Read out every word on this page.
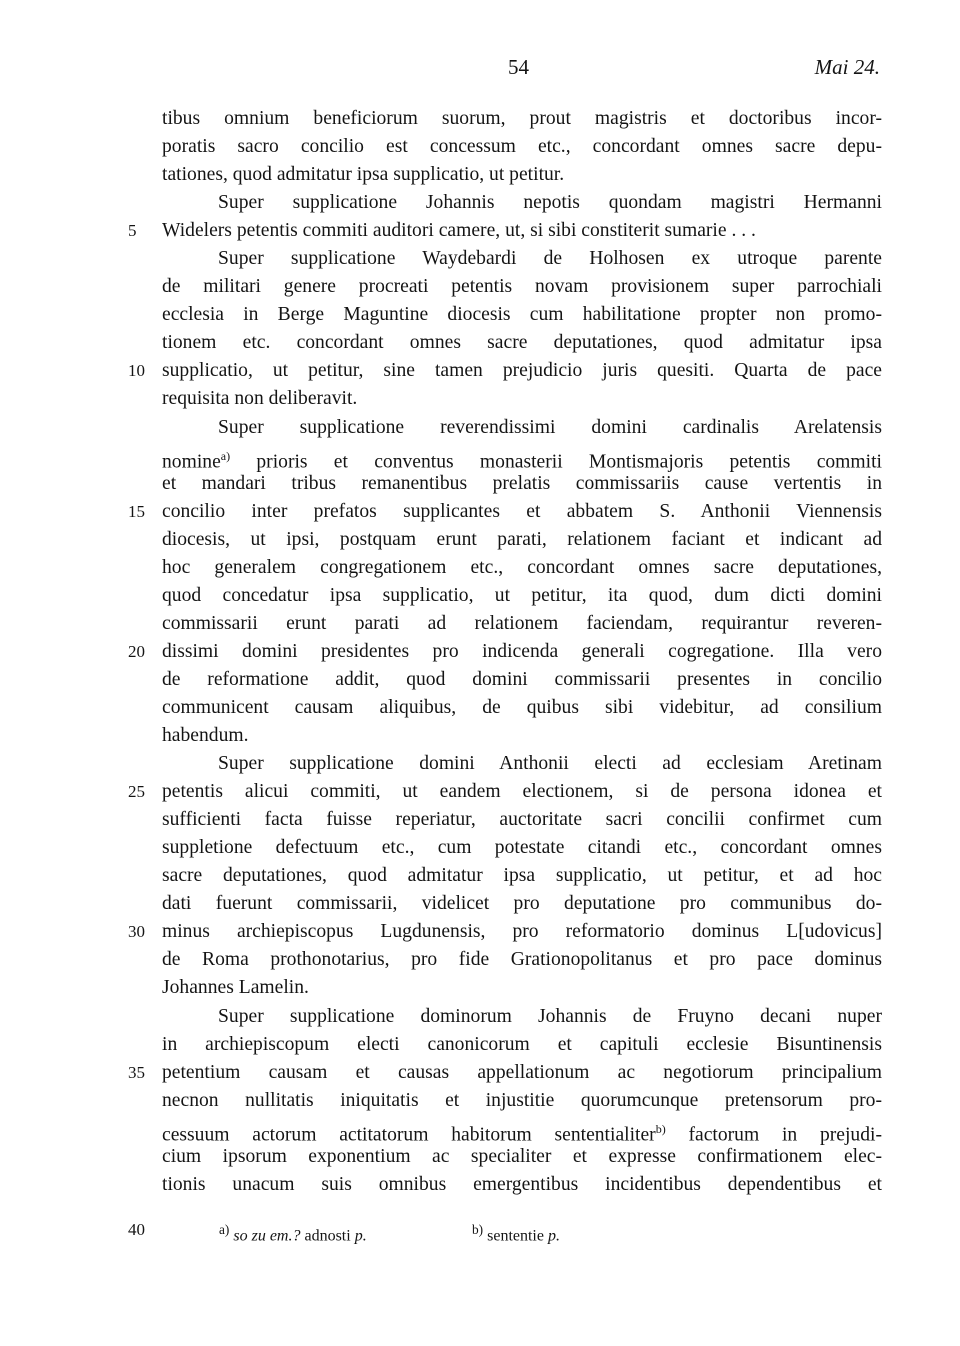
54	Mai 24.
tibus omnium beneficiorum suorum, prout magistris et doctoribus incor-
poratis sacro concilio est concessum etc., concordant omnes sacre depu-
tationes, quod admitatur ipsa supplicatio, ut petitur.
Super supplicatione Johannis nepotis quondam magistri Hermanni
5	Widelers petentis commiti auditori camere, ut, si sibi constiterit sumarie . . .
Super supplicatione Waydebardi de Holhosen ex utroque parente
de militari genere procreati petentis novam provisionem super parrochiali
ecclesia in Berge Maguntine diocesis cum habilitatione propter non promo-
tionem etc. concordant omnes sacre deputationes, quod admitatur ipsa
10 supplicatio, ut petitur, sine tamen prejudicio juris quesiti. Quarta de pace
requisita non deliberavit.
Super supplicatione reverendissimi domini cardinalis Arelatensis
nomine$^{a)}$ prioris et conventus monasterii Montismajoris petentis commiti
et mandari tribus remanentibus prelatis commissariis cause vertentis in
15 concilio inter prefatos supplicantes et abbatem S. Anthonii Viennensis
diocesis, ut ipsi, postquam erunt parati, relationem faciant et indicant ad
hoc generalem congregationem etc., concordant omnes sacre deputationes,
quod concedatur ipsa supplicatio, ut petitur, ita quod, dum dicti domini
commissarii erunt parati ad relationem faciendam, requirantur reveren-
20 dissimi domini presidentes pro indicenda generali cogregatione. Illa vero
de reformatione addit, quod domini commissarii presentes in concilio
communicent causam aliquibus, de quibus sibi videbitur, ad consilium
habendum.
Super supplicatione domini Anthonii electi ad ecclesiam Aretinam
25 petentis alicui commiti, ut eandem electionem, si de persona idonea et
sufficienti facta fuisse reperiatur, auctoritate sacri concilii confirmet cum
suppletione defectuum etc., cum potestate citandi etc., concordant omnes
sacre deputationes, quod admitatur ipsa supplicatio, ut petitur, et ad hoc
dati fuerunt commissarii, videlicet pro deputatione pro communibus do-
30 minus archiepiscopus Lugdunensis, pro reformatorio dominus L[udovicus]
de Roma prothonotarius, pro fide Grationopolitanus et pro pace dominus
Johannes Lamelin.
Super supplicatione dominorum Johannis de Fruyno decani nuper
in archiepiscopum electi canonicorum et capituli ecclesie Bisuntinensis
35 petentium causam et causas appellationum ac negotiorum principalium
necnon nullitatis iniquitatis et injustitie quorumcunque pretensorum pro-
cessuum actorum actitatorum habitorum sententialiter$^{b)}$ factorum in prejudi-
cium ipsorum exponentium ac specialiter et expresse confirmationem elec-
tionis unacum suis omnibus emergentibus incidentibus dependentibus et
40	$^{a)}$ so zu em.? adnosti p.	$^{b)}$ sententie p.
